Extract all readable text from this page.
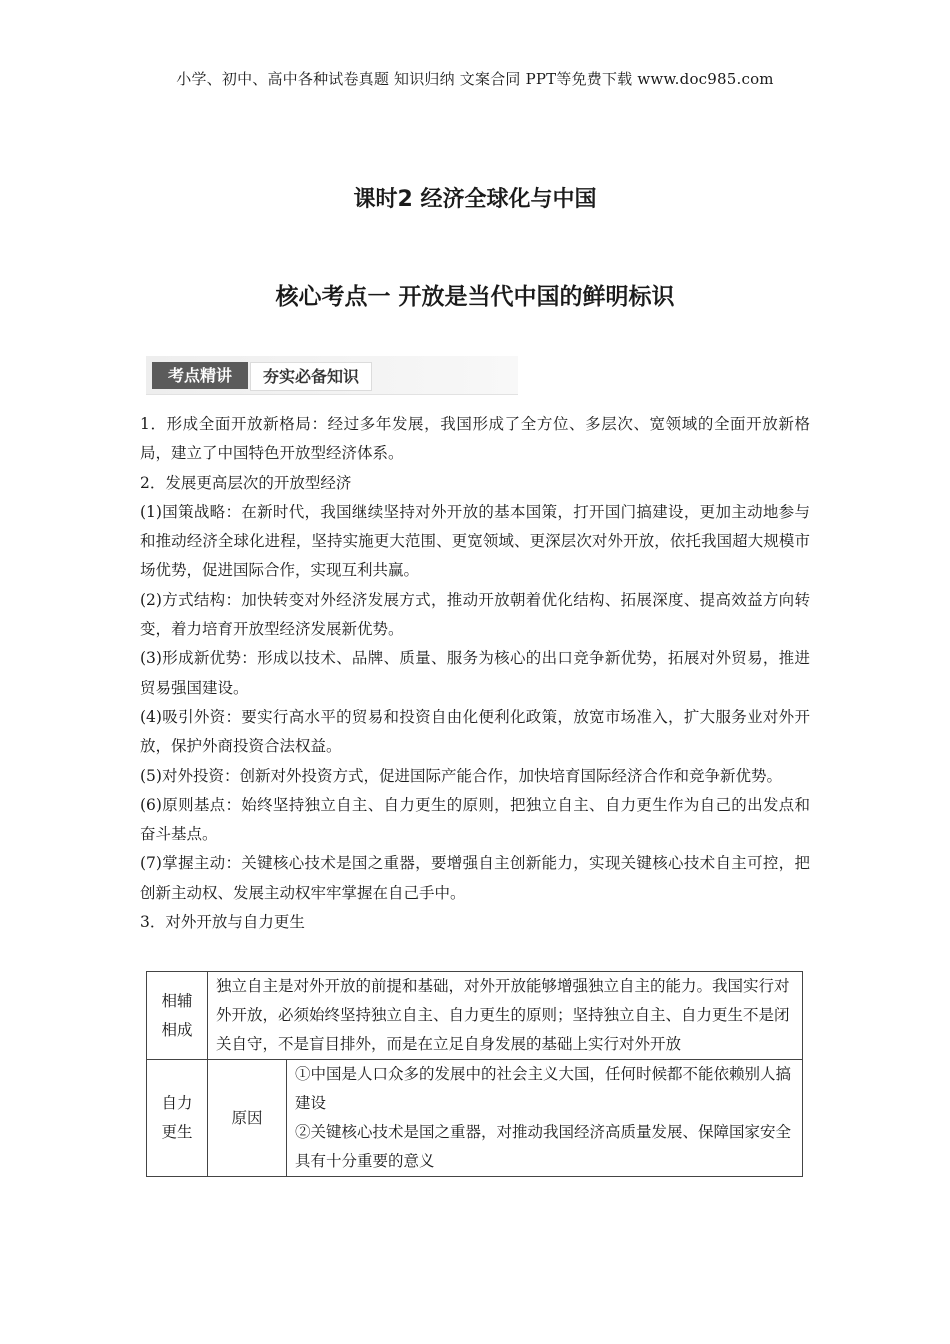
小学、初中、高中各种试卷真题 知识归纳 文案合同 PPT等免费下载 www.doc985.com
课时2 经济全球化与中国
核心考点一 开放是当代中国的鲜明标识
考点精讲	夯实必备知识

1．形成全面开放新格局：经过多年发展，我国形成了全方位、多层次、宽领域的全面开放新格局，建立了中国特色开放型经济体系。

2．发展更高层次的开放型经济

(1)国策战略：在新时代，我国继续坚持对外开放的基本国策，打开国门搞建设，更加主动地参与和推动经济全球化进程，坚持实施更大范围、更宽领域、更深层次对外开放，依托我国超大规模市场优势，促进国际合作，实现互利共赢。

(2)方式结构：加快转变对外经济发展方式，推动开放朝着优化结构、拓展深度、提高效益方向转变，着力培育开放型经济发展新优势。

(3)形成新优势：形成以技术、品牌、质量、服务为核心的出口竞争新优势，拓展对外贸易，推进贸易强国建设。

(4)吸引外资：要实行高水平的贸易和投资自由化便利化政策，放宽市场准入，扩大服务业对外开放，保护外商投资合法权益。

(5)对外投资：创新对外投资方式，促进国际产能合作，加快培育国际经济合作和竞争新优势。

(6)原则基点：始终坚持独立自主、自力更生的原则，把独立自主、自力更生作为自己的出发点和奋斗基点。

(7)掌握主动：关键核心技术是国之重器，要增强自主创新能力，实现关键核心技术自主可控，把创新主动权、发展主动权牢牢掌握在自己手中。

3．对外开放与自力更生

相辅相成	独立自主是对外开放的前提和基础，对外开放能够增强独立自主的能力。我国实行对外开放，必须始终坚持独立自主、自力更生的原则；坚持独立自主、自力更生不是闭关自守，不是盲目排外，而是在立足自身发展的基础上实行对外开放	
自力更生	原因	①中国是人口众多的发展中的社会主义大国，任何时候都不能依赖别人搞建设
②关键核心技术是国之重器，对推动我国经济高质量发展、保障国家安全具有十分重要的意义
